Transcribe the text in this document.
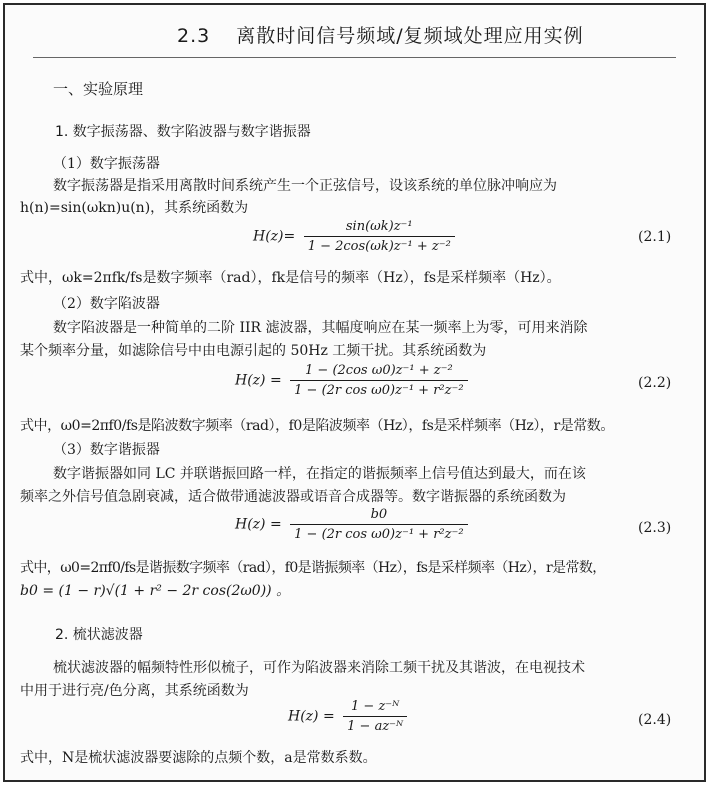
2.3 离散时间信号频域/复频域处理应用实例
一、实验原理
1. 数字振荡器、数字陷波器与数字谐振器
（1）数字振荡器
数字振荡器是指采用离散时间系统产生一个正弦信号，设该系统的单位脉冲响应为
h(n)=sin(ωkn)u(n)，其系统函数为
$H(z)= \frac{\text{sin(ωk)z⁻¹}}{\text{1 − 2cos(ωk)z⁻¹ + z⁻²}}$	(2.1)
式中，ωk=2πfk/fs是数字频率（rad），fk是信号的频率（Hz），fs是采样频率（Hz）。
（2）数字陷波器
数字陷波器是一种简单的二阶 IIR 滤波器，其幅度响应在某一频率上为零，可用来消除
某个频率分量，如滤除信号中由电源引起的 50Hz 工频干扰。其系统函数为
$H(z) = \frac{\text{1 − (2cos ω0)z⁻¹ + z⁻²}}{\text{1 − (2r cos ω0)z⁻¹ + r²z⁻²}}$	(2.2)
式中，ω0=2πf0/fs是陷波数字频率（rad），f0是陷波频率（Hz），fs是采样频率（Hz），r是常数。
（3）数字谐振器
数字谐振器如同 LC 并联谐振回路一样，在指定的谐振频率上信号值达到最大，而在该
频率之外信号值急剧衰减，适合做带通滤波器或语音合成器等。数字谐振器的系统函数为
$H(z) = \frac{b0}{\text{1 − (2r cos ω0)z⁻¹ + r²z⁻²}}$	(2.3)
式中，ω0=2πf0/fs是谐振数字频率（rad），f0是谐振频率（Hz），fs是采样频率（Hz），r是常数，
b0 = (1 − r)√(1 + r² − 2r cos(2ω0)) 。
2. 梳状滤波器
梳状滤波器的幅频特性形似梳子，可作为陷波器来消除工频干扰及其谐波，在电视技术
中用于进行亮/色分离，其系统函数为
$H(z) = \frac{\text{1 − z⁻ᴺ}}{\text{1 − az⁻ᴺ}}$	(2.4)
式中，N是梳状滤波器要滤除的点频个数，a是常数系数。
